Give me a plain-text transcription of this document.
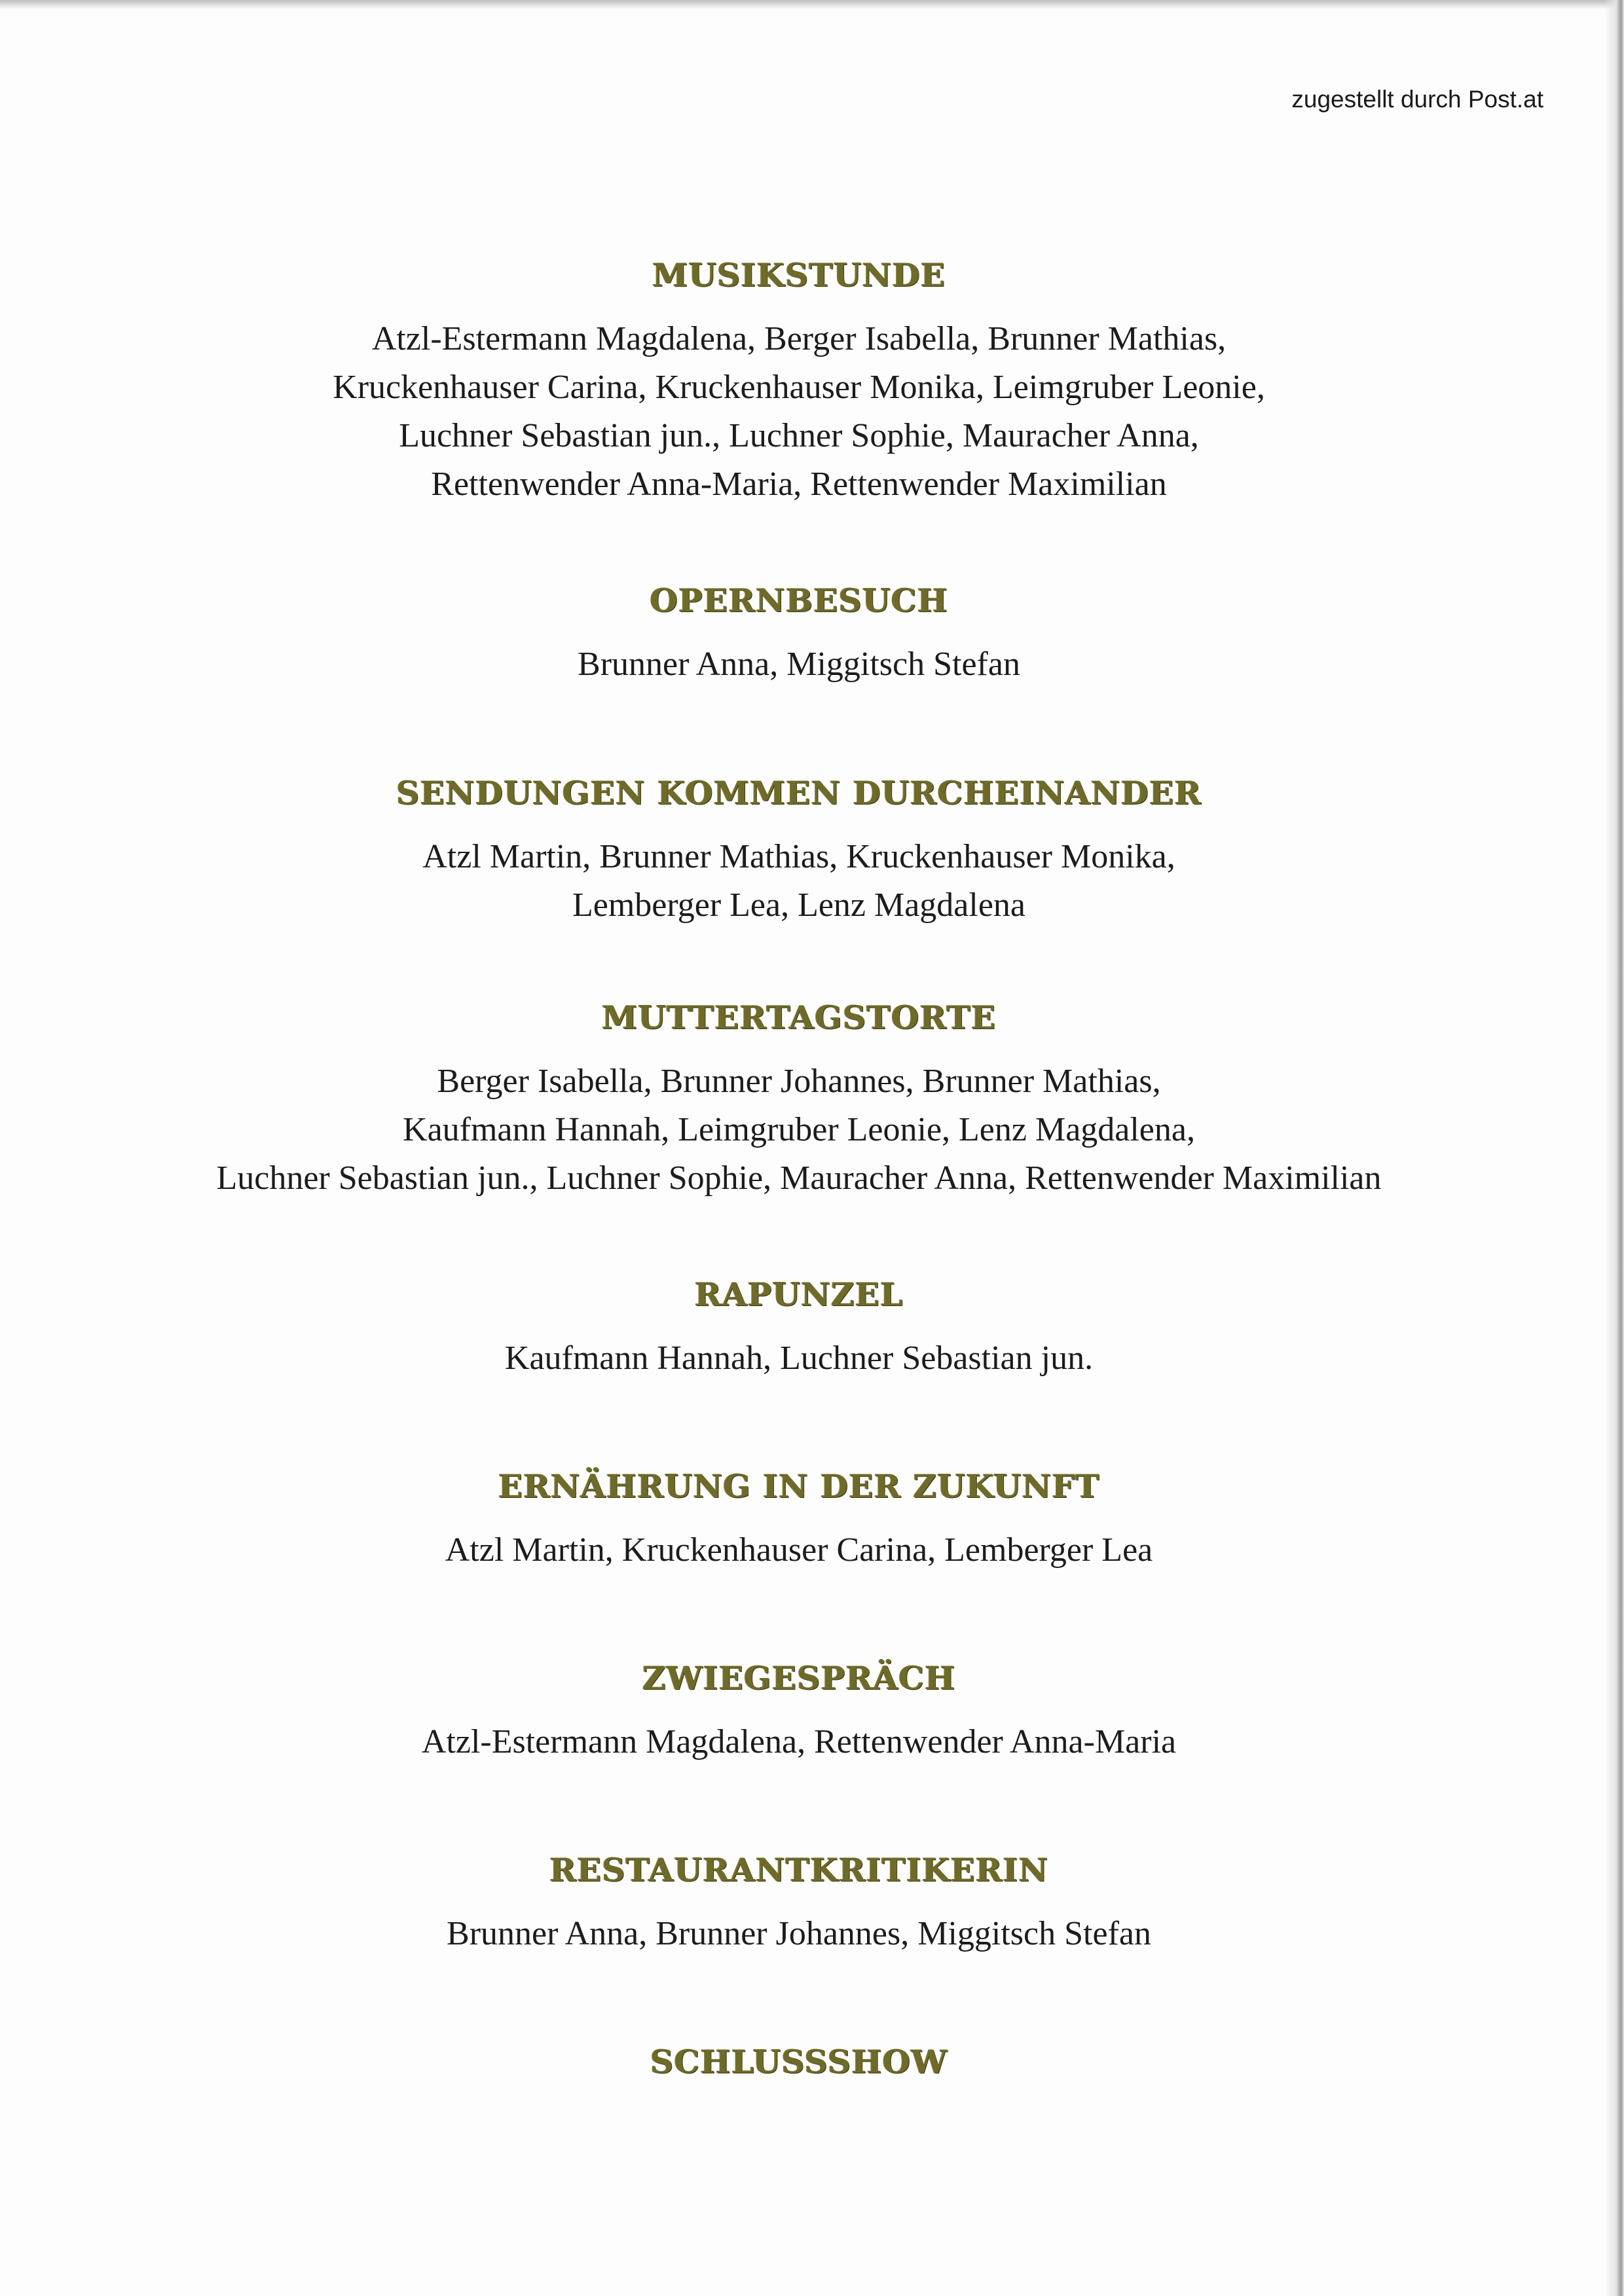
zugestellt durch Post.at
MUSIKSTUNDE

Atzl-Estermann Magdalena, Berger Isabella, Brunner Mathias,

Kruckenhauser Carina, Kruckenhauser Monika, Leimgruber Leonie,

Luchner Sebastian jun., Luchner Sophie, Mauracher Anna,

Rettenwender Anna-Maria, Rettenwender Maximilian

OPERNBESUCH

Brunner Anna, Miggitsch Stefan

SENDUNGEN KOMMEN DURCHEINANDER

Atzl Martin, Brunner Mathias, Kruckenhauser Monika,

Lemberger Lea, Lenz Magdalena

MUTTERTAGSTORTE

Berger Isabella, Brunner Johannes, Brunner Mathias,

Kaufmann Hannah, Leimgruber Leonie, Lenz Magdalena,

Luchner Sebastian jun., Luchner Sophie, Mauracher Anna, Rettenwender Maximilian

RAPUNZEL

Kaufmann Hannah, Luchner Sebastian jun.

ERNÄHRUNG IN DER ZUKUNFT

Atzl Martin, Kruckenhauser Carina, Lemberger Lea

ZWIEGESPRÄCH

Atzl-Estermann Magdalena, Rettenwender Anna-Maria

RESTAURANTKRITIKERIN

Brunner Anna, Brunner Johannes, Miggitsch Stefan

SCHLUSSSHOW
